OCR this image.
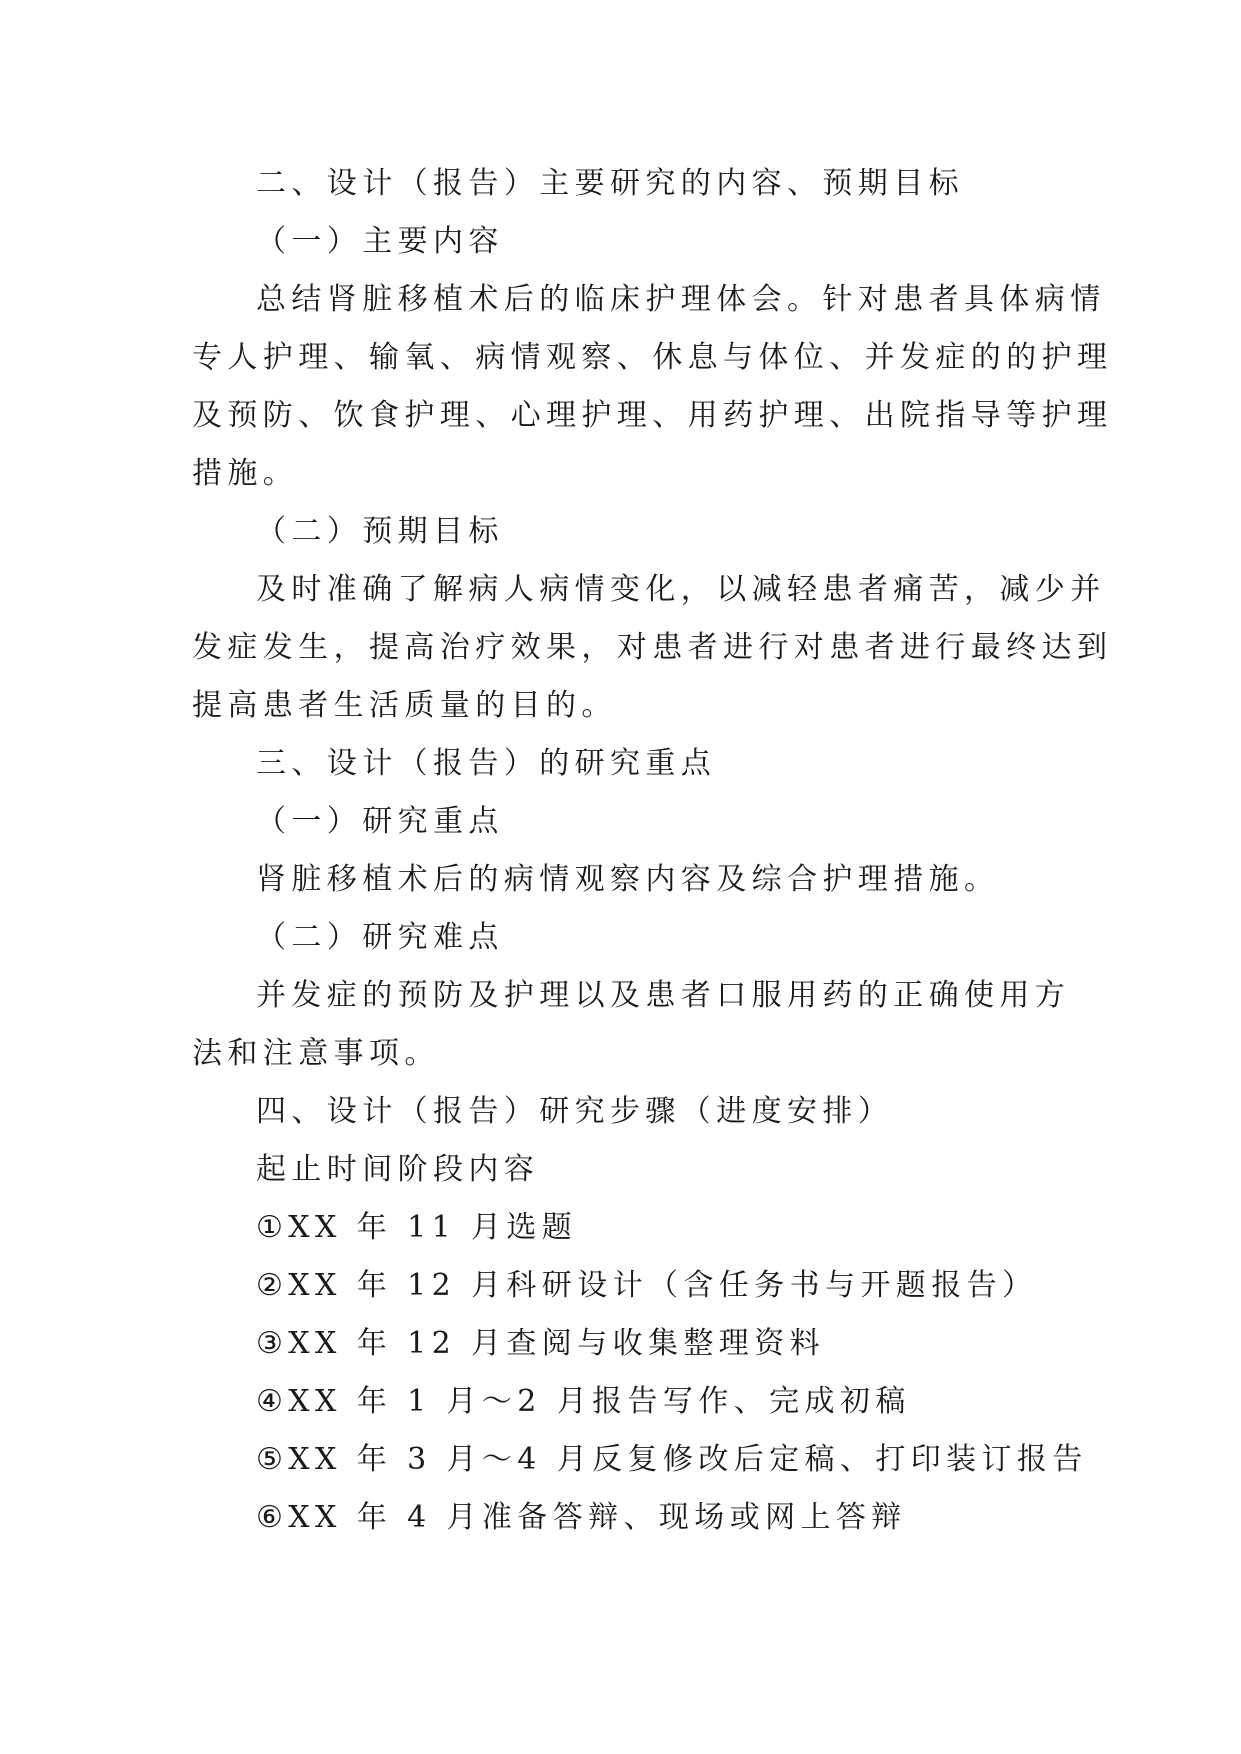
二、设计（报告）主要研究的内容、预期目标
（一）主要内容
总结肾脏移植术后的临床护理体会。针对患者具体病情
专人护理、输氧、病情观察、休息与体位、并发症的的护理
及预防、饮食护理、心理护理、用药护理、出院指导等护理
措施。
（二）预期目标
及时准确了解病人病情变化，以减轻患者痛苦，减少并
发症发生，提高治疗效果，对患者进行对患者进行最终达到
提高患者生活质量的目的。
三、设计（报告）的研究重点
（一）研究重点
肾脏移植术后的病情观察内容及综合护理措施。
（二）研究难点
并发症的预防及护理以及患者口服用药的正确使用方
法和注意事项。
四、设计（报告）研究步骤（进度安排）
起止时间阶段内容
①XX 年 11 月选题
②XX 年 12 月科研设计（含任务书与开题报告）
③XX 年 12 月查阅与收集整理资料
④XX 年 1 月～2 月报告写作、完成初稿
⑤XX 年 3 月～4 月反复修改后定稿、打印装订报告
⑥XX 年 4 月准备答辩、现场或网上答辩
